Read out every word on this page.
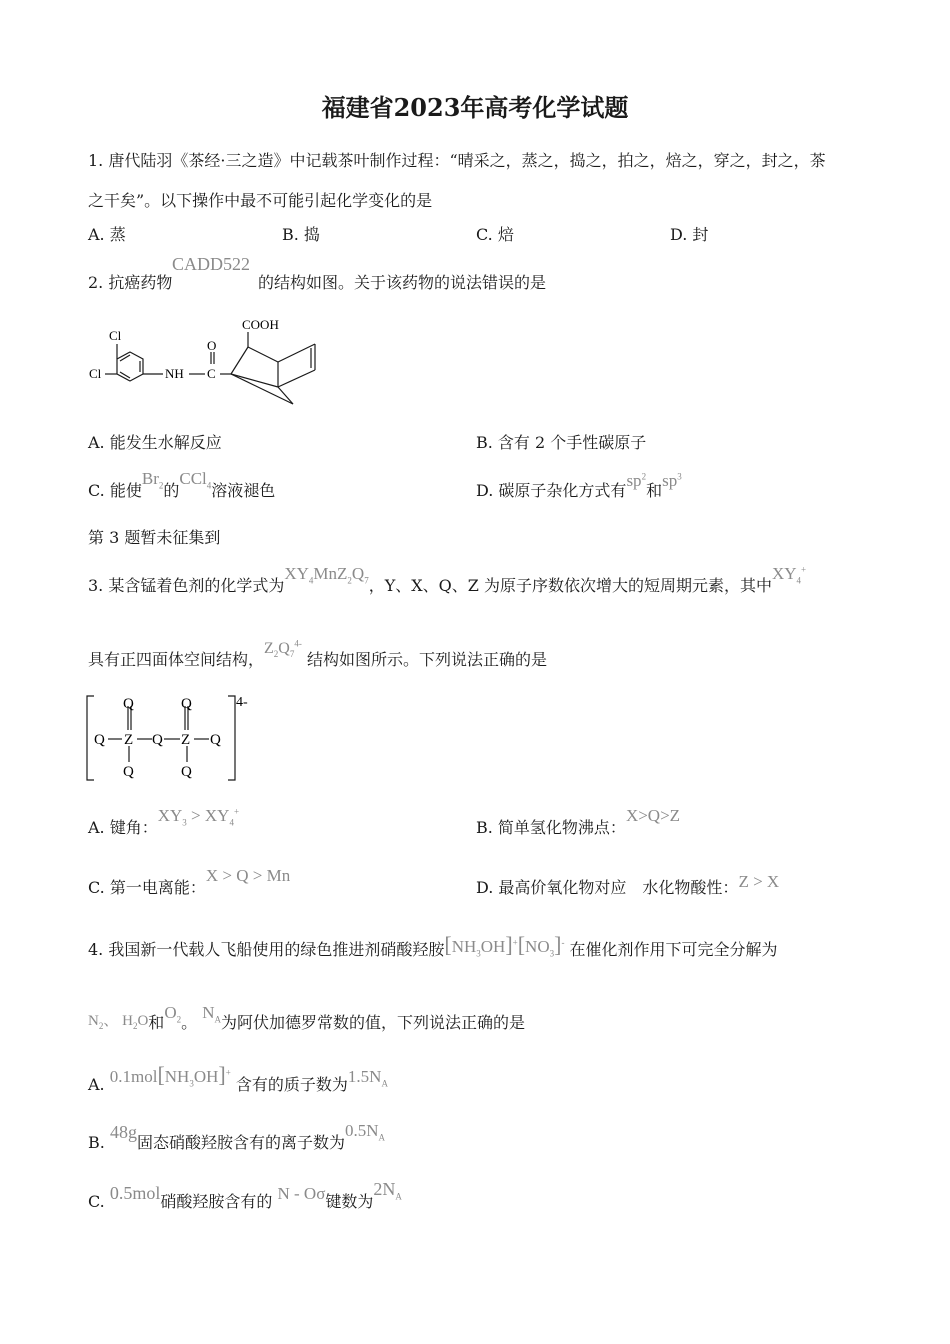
福建省2023年高考化学试题
1. 唐代陆羽《茶经·三之造》中记载茶叶制作过程：“晴采之，蒸之，捣之，拍之，焙之，穿之，封之，茶
之干矣”。以下操作中最不可能引起化学变化的是
A. 蒸	B. 捣	C. 焙	D. 封
2. 抗癌药物
CADD522
的结构如图。关于该药物的说法错误的是
Cl
Cl	NH
O
C
COOH
A. 能发生水解反应	B. 含有 2 个手性碳原子
C. 能使$Br_2$的CCl$_4$溶液褪色	D. 碳原子杂化方式有$sp^2$和$sp^3$
第 3 题暂未征集到
3. 某含锰着色剂的化学式为$XY_4MnZ_2Q_7$，Y、X、Q、Z 为原子序数依次增大的短周期元素，其中$XY_4^+$
具有正四面体空间结构，$Z_2Q_7^{4-}$ 结构如图所示。下列说法正确的是
Q	Q
Q Z Q Z Q
Q	Q
4-
A. 键角：$XY_3 > XY_4^+$
B. 简单氢化物沸点：X>Q>Z
C. 第一电离能：X > Q > Mn
D. 最高价氧化物对应　水化物酸性：Z > X
4. 我国新一代载人飞船使用的绿色推进剂硝酸羟胺$[NH_3OH]^+[NO_3]^-$ 在催化剂作用下可完全分解为
$N_2$、 $H_2O$和$O_2$。 $N_A$为阿伏加德罗常数的值，下列说法正确的是
A. $0.1mol[NH_3OH]^+$ 含有的质子数为$1.5N_A$
B. 48g固态硝酸羟胺含有的离子数为$0.5N_A$
C. 0.5mol硝酸羟胺含有的 N - Oσ键数为$2N_A$
